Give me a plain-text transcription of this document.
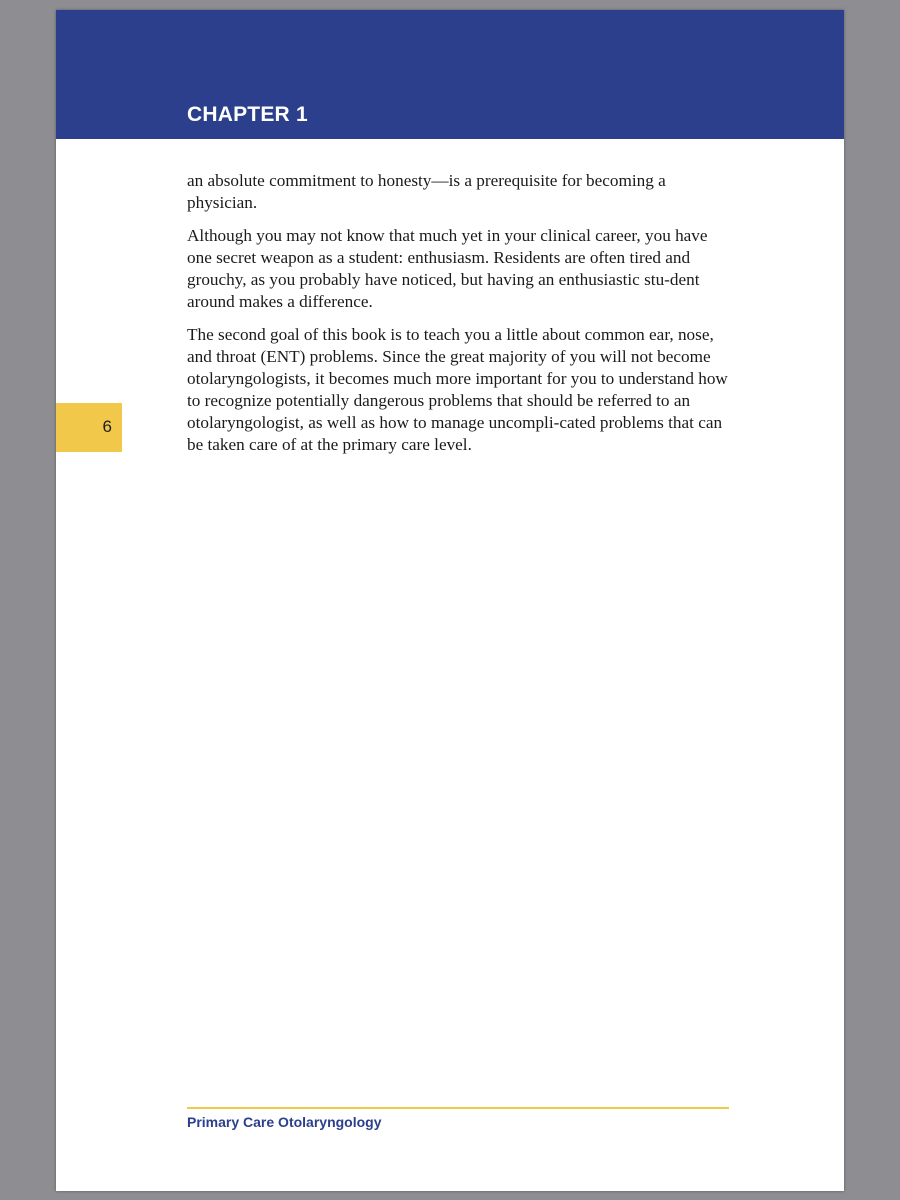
CHAPTER 1

an absolute commitment to honesty—is a prerequisite for becoming a physician.

Although you may not know that much yet in your clinical career, you have one secret weapon as a student: enthusiasm. Residents are often tired and grouchy, as you probably have noticed, but having an enthusiastic stu-dent around makes a difference.

The second goal of this book is to teach you a little about common ear, nose, and throat (ENT) problems. Since the great majority of you will not become otolaryngologists, it becomes much more important for you to understand how to recognize potentially dangerous problems that should be referred to an otolaryngologist, as well as how to manage uncompli-cated problems that can be taken care of at the primary care level.

6
Primary Care Otolaryngology
